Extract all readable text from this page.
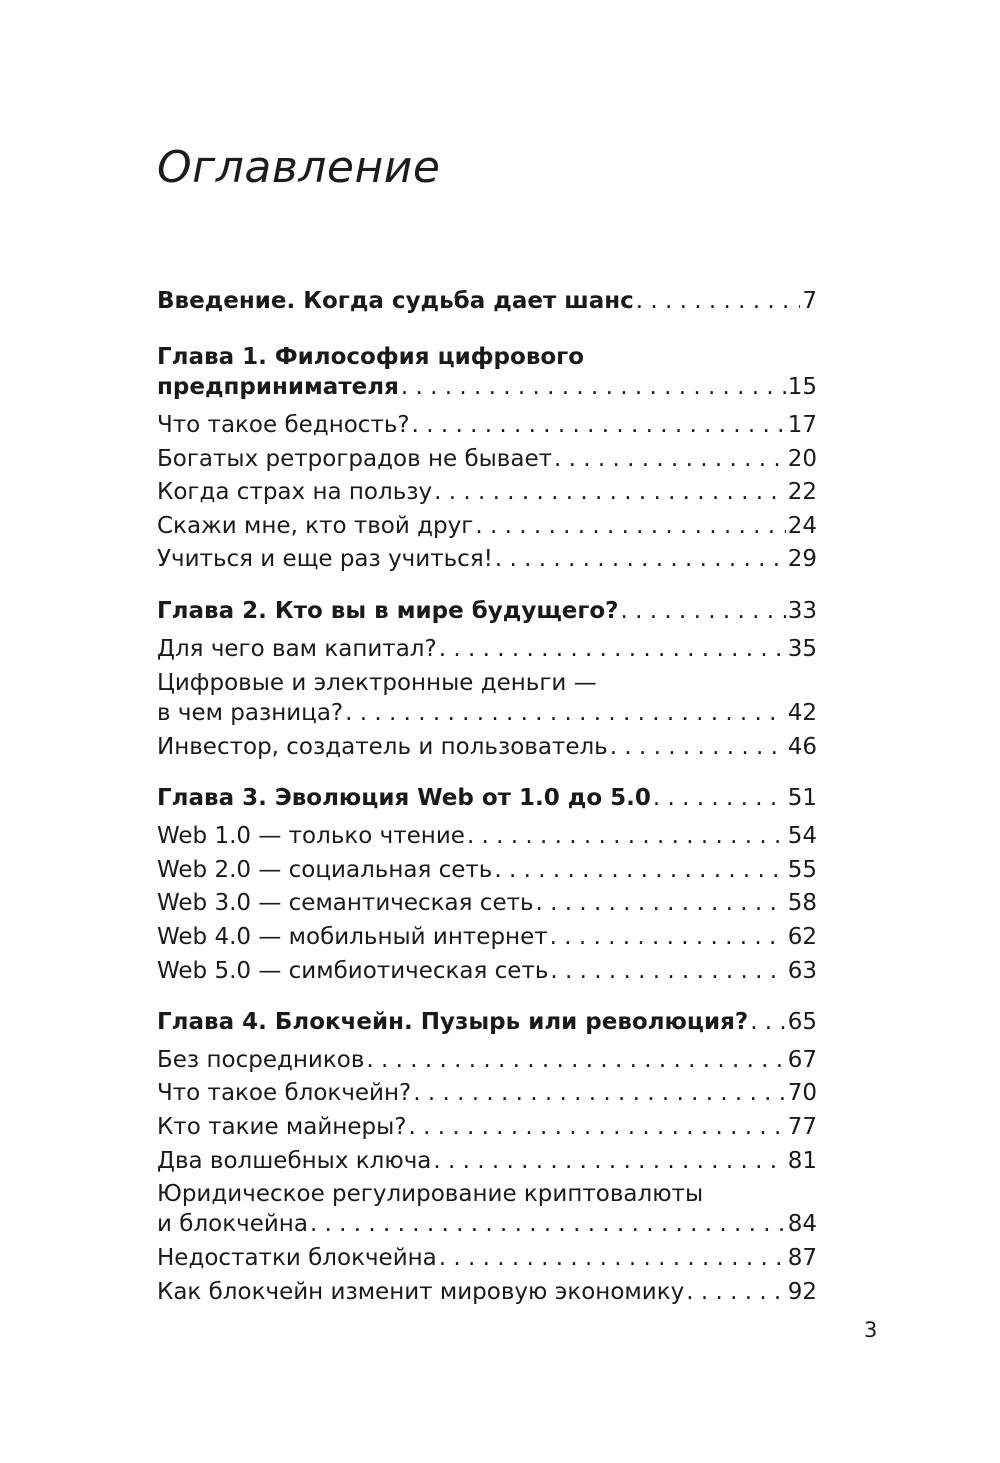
Оглавление
Введение. Когда судьба дает шанс . . .	7
Глава 1. Философия цифрового
предпринимателя . . .	15
Что такое бедность? . . .	17
Богатых ретроградов не бывает . . .	20
Когда страх на пользу . . .	22
Скажи мне, кто твой друг . . .	24
Учиться и еще раз учиться! . . .	29
Глава 2. Кто вы в мире будущего? . . .	33
Для чего вам капитал? . . .	35
Цифровые и электронные деньги —
в чем разница? . . .	42
Инвестор, создатель и пользователь . . .	46
Глава 3. Эволюция Web от 1.0 до 5.0 . . .	51
Web 1.0 — только чтение . . .	54
Web 2.0 — социальная сеть . . .	55
Web 3.0 — семантическая сеть . . .	58
Web 4.0 — мобильный интернет . . .	62
Web 5.0 — симбиотическая сеть . . .	63
Глава 4. Блокчейн. Пузырь или революция? . . . 65
Без посредников . . .	67
Что такое блокчейн? . . .	70
Кто такие майнеры? . . .	77
Два волшебных ключа . . .	81
Юридическое регулирование криптовалюты
и блокчейна . . .	84
Недостатки блокчейна . . .	87
Как блокчейн изменит мировую экономику . . .	92
3
